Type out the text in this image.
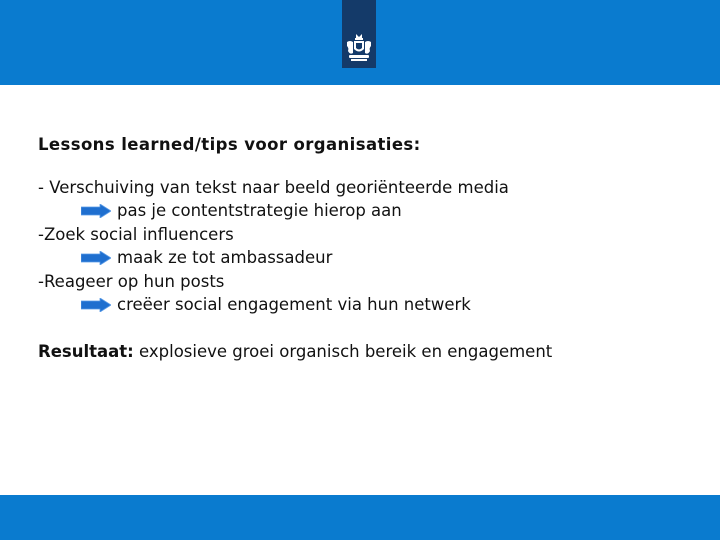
Lessons learned/tips voor organisaties:
- Verschuiving van tekst naar beeld georiënteerde media
pas je contentstrategie hierop aan
-Zoek social influencers
maak ze tot ambassadeur
-Reageer op hun posts
creëer social engagement via hun netwerk
Resultaat: explosieve groei organisch bereik en engagement
